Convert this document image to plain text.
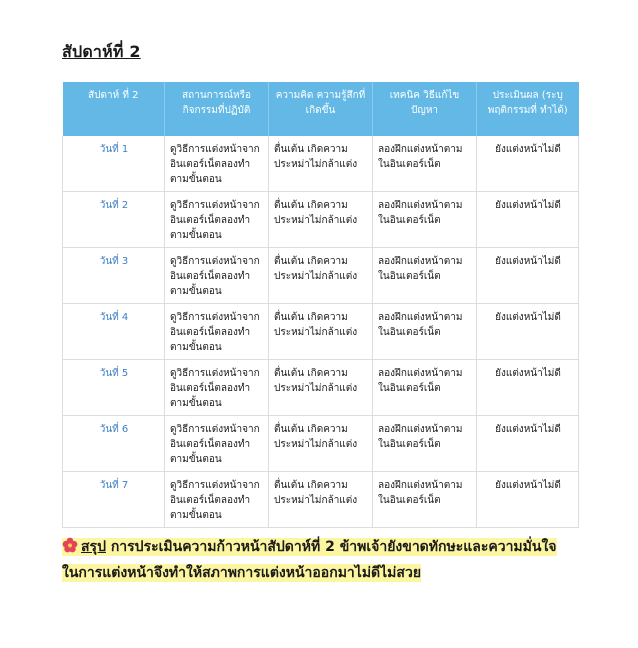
สัปดาห์ที่ 2
สัปดาห์ ที่ 2	สถานการณ์หรือ กิจกรรมที่ปฏิบัติ	ความคิด ความรู้สึกที่ เกิดขึ้น	เทคนิค วิธีแก้ไข ปัญหา	ประเมินผล (ระบุพฤติกรรมที่ ทำได้)
วันที่ 1	ดูวิธีการแต่งหน้าจาก อินเตอร์เน็ตลองทำ ตามขั้นตอน	ตื่นเต้น เกิดความ ประหม่าไม่กล้าแต่ง	ลองฝึกแต่งหน้าตาม ในอินเตอร์เน็ต	ยังแต่งหน้าไม่ดี
วันที่ 2	ดูวิธีการแต่งหน้าจาก อินเตอร์เน็ตลองทำ ตามขั้นตอน	ตื่นเต้น เกิดความ ประหม่าไม่กล้าแต่ง	ลองฝึกแต่งหน้าตาม ในอินเตอร์เน็ต	ยังแต่งหน้าไม่ดี
วันที่ 3	ดูวิธีการแต่งหน้าจาก อินเตอร์เน็ตลองทำ ตามขั้นตอน	ตื่นเต้น เกิดความ ประหม่าไม่กล้าแต่ง	ลองฝึกแต่งหน้าตาม ในอินเตอร์เน็ต	ยังแต่งหน้าไม่ดี
วันที่ 4	ดูวิธีการแต่งหน้าจาก อินเตอร์เน็ตลองทำ ตามขั้นตอน	ตื่นเต้น เกิดความ ประหม่าไม่กล้าแต่ง	ลองฝึกแต่งหน้าตาม ในอินเตอร์เน็ต	ยังแต่งหน้าไม่ดี
วันที่ 5	ดูวิธีการแต่งหน้าจาก อินเตอร์เน็ตลองทำ ตามขั้นตอน	ตื่นเต้น เกิดความ ประหม่าไม่กล้าแต่ง	ลองฝึกแต่งหน้าตาม ในอินเตอร์เน็ต	ยังแต่งหน้าไม่ดี
วันที่ 6	ดูวิธีการแต่งหน้าจาก อินเตอร์เน็ตลองทำ ตามขั้นตอน	ตื่นเต้น เกิดความ ประหม่าไม่กล้าแต่ง	ลองฝึกแต่งหน้าตาม ในอินเตอร์เน็ต	ยังแต่งหน้าไม่ดี
วันที่ 7	ดูวิธีการแต่งหน้าจาก อินเตอร์เน็ตลองทำ ตามขั้นตอน	ตื่นเต้น เกิดความ ประหม่าไม่กล้าแต่ง	ลองฝึกแต่งหน้าตาม ในอินเตอร์เน็ต	ยังแต่งหน้าไม่ดี
สรุป การประเมินความก้าวหน้าสัปดาห์ที่ 2 ข้าพเจ้ายังขาดทักษะและความมั่นใจในการแต่งหน้าจึงทำให้สภาพการแต่งหน้าออกมาไม่ดีไม่สวย
